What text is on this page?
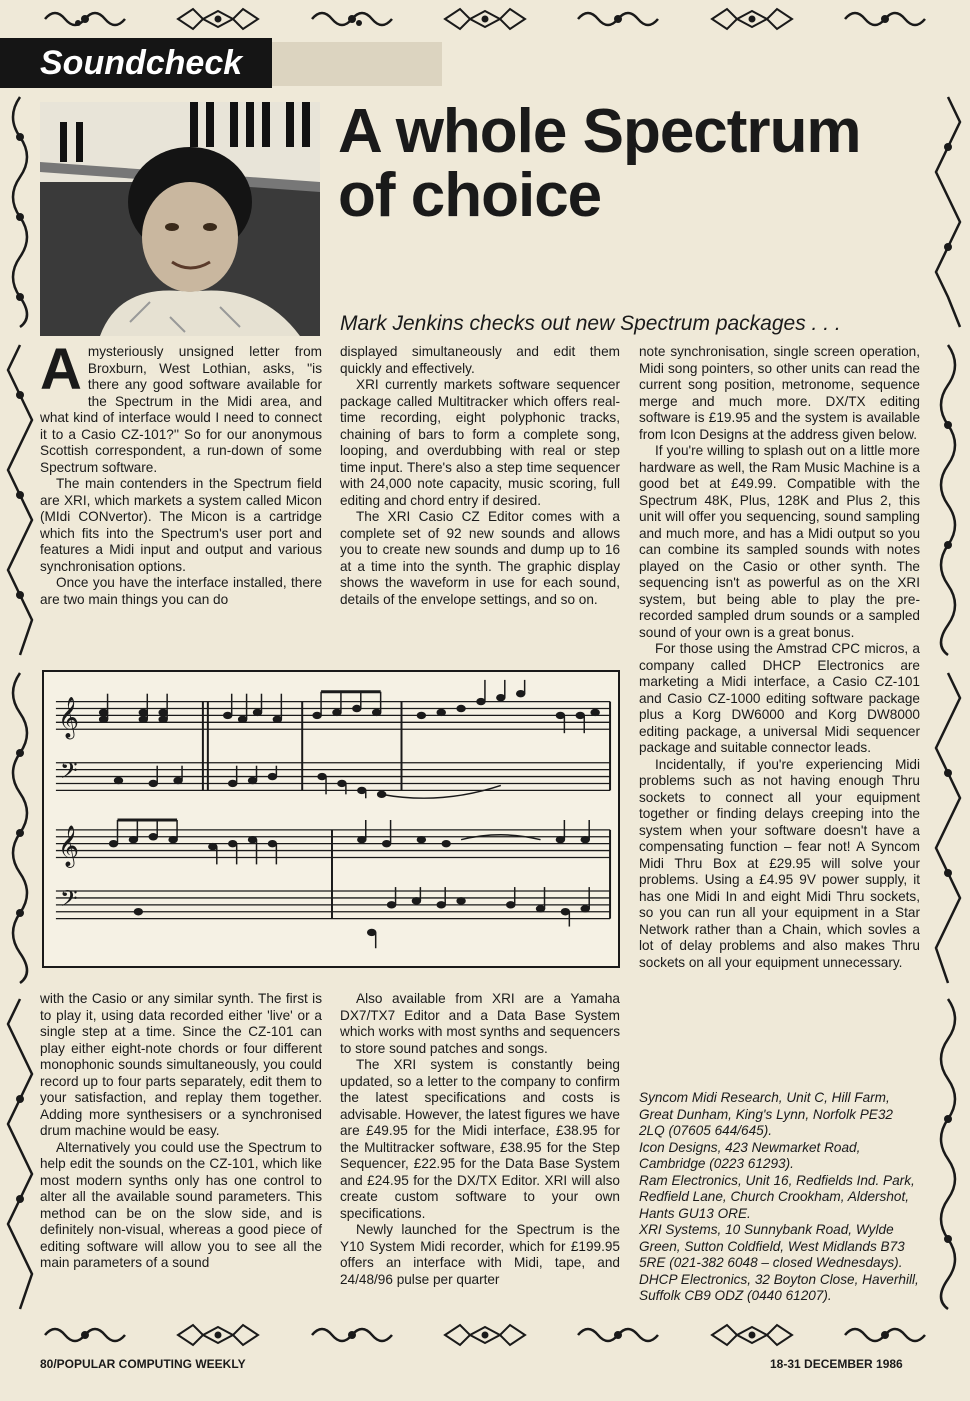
Soundcheck
A whole Spectrum of choice

Mark Jenkins checks out new Spectrum packages . . .

Amysteriously unsigned letter from Broxburn, West Lothian, asks, ''is there any good software available for the Spectrum in the Midi area, and what kind of interface would I need to connect it to a Casio CZ-101?'' So for our anonymous Scottish correspondent, a run-down of some Spectrum software.

The main contenders in the Spectrum field are XRI, which markets a system called Micon (MIdi CONvertor). The Micon is a cartridge which fits into the Spectrum's user port and features a Midi input and output and various synchronisation options.

Once you have the interface installed, there are two main things you can do

displayed simultaneously and edit them quickly and effectively.

XRI currently markets software sequencer package called Multitracker which offers real-time recording, eight polyphonic tracks, chaining of bars to form a complete song, looping, and overdubbing with real or step time input. There's also a step time sequencer with 24,000 note capacity, music scoring, full editing and chord entry if desired.

The XRI Casio CZ Editor comes with a complete set of 92 new sounds and allows you to create new sounds and dump up to 16 at a time into the synth. The graphic display shows the waveform in use for each sound, details of the envelope settings, and so on.

note synchronisation, single screen operation, Midi song pointers, so other units can read the current song position, metronome, sequence merge and much more. DX/TX editing software is £19.95 and the system is available from Icon Designs at the address given below.

If you're willing to splash out on a little more hardware as well, the Ram Music Machine is a good bet at £49.99. Compatible with the Spectrum 48K, Plus, 128K and Plus 2, this unit will offer you sequencing, sound sampling and much more, and has a Midi output so you can combine its sampled sounds with notes played on the Casio or other synth. The sequencing isn't as powerful as on the XRI system, but being able to play the pre-recorded sampled drum sounds or a sampled sound of your own is a great bonus.

For those using the Amstrad CPC micros, a company called DHCP Electronics are marketing a Midi interface, a Casio CZ-101 and Casio CZ-1000 editing software package plus a Korg DW6000 and Korg DW8000 editing package, a universal Midi sequencer package and suitable connector leads.

Incidentally, if you're experiencing Midi problems such as not having enough Thru sockets to connect all your equipment together or finding delays creeping into the system when your software doesn't have a compensating function – fear not! A Syncom Midi Thru Box at £29.95 will solve your problems. Using a £4.95 9V power supply, it has one Midi In and eight Midi Thru sockets, so you can run all your equipment in a Star Network rather than a Chain, which sovles a lot of delay problems and also makes Thru sockets on all your equipment unnecessary.

𝄞
𝄞
𝄢
𝄢

with the Casio or any similar synth. The first is to play it, using data recorded either 'live' or a single step at a time. Since the CZ-101 can play either eight-note chords or four different monophonic sounds simultaneously, you could record up to four parts separately, edit them to your satisfaction, and replay them together. Adding more synthesisers or a synchronised drum machine would be easy.

Alternatively you could use the Spectrum to help edit the sounds on the CZ-101, which like most modern synths only has one control to alter all the available sound parameters. This method can be on the slow side, and is definitely non-visual, whereas a good piece of editing software will allow you to see all the main parameters of a sound

Also available from XRI are a Yamaha DX7/TX7 Editor and a Data Base System which works with most synths and sequencers to store sound patches and songs.

The XRI system is constantly being updated, so a letter to the company to confirm the latest specifications and costs is advisable. However, the latest figures we have are £49.95 for the Midi interface, £38.95 for the Multitracker software, £38.95 for the Step Sequencer, £22.95 for the Data Base System and £24.95 for the DX/TX Editor. XRI will also create custom software to your own specifications.

Newly launched for the Spectrum is the Y10 System Midi recorder, which for £199.95 offers an interface with Midi, tape, and 24/48/96 pulse per quarter

Syncom Midi Research, Unit C, Hill Farm, Great Dunham, King's Lynn, Norfolk PE32 2LQ (07605 644/645).

Icon Designs, 423 Newmarket Road, Cambridge (0223 61293).

Ram Electronics, Unit 16, Redfields Ind. Park, Redfield Lane, Church Crookham, Aldershot, Hants GU13 ORE.

XRI Systems, 10 Sunnybank Road, Wylde Green, Sutton Coldfield, West Midlands B73 5RE (021-382 6048 – closed Wednesdays).

DHCP Electronics, 32 Boyton Close, Haverhill, Suffolk CB9 ODZ (0440 61207).

80/POPULAR COMPUTING WEEKLY	18-31 DECEMBER 1986
